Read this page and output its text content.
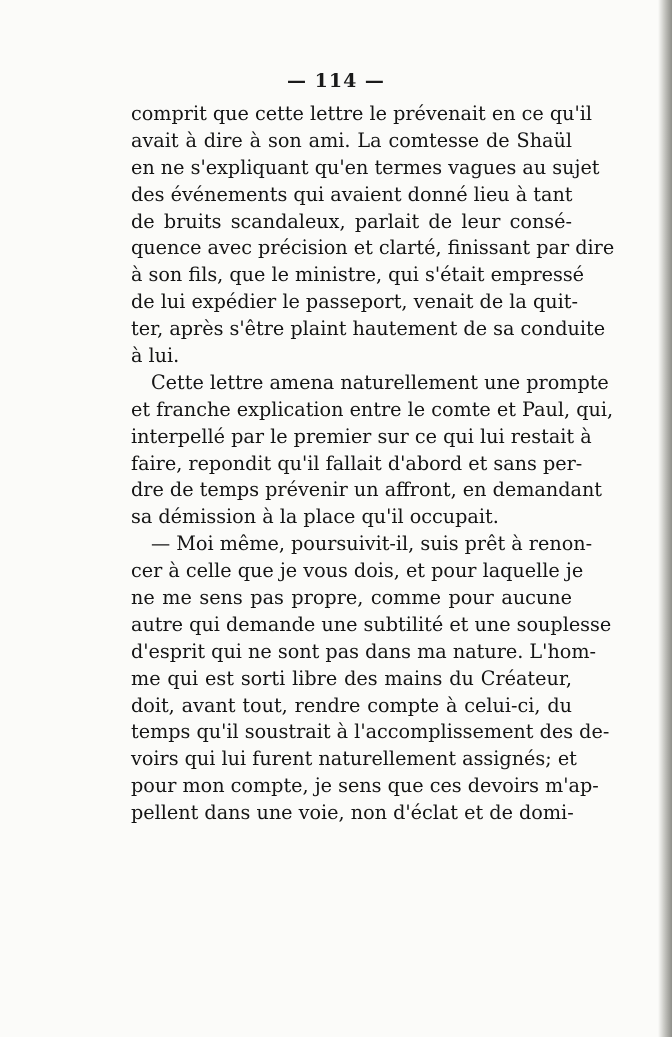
— 114 —
comprit que cette lettre le prévenait en ce qu'il
avait à dire à son ami. La comtesse de Shaül
en ne s'expliquant qu'en termes vagues au sujet
des événements qui avaient donné lieu à tant
de bruits scandaleux, parlait de leur consé-
quence avec précision et clarté, finissant par dire
à son fils, que le ministre, qui s'était empressé
de lui expédier le passeport, venait de la quit-
ter, après s'être plaint hautement de sa conduite
à lui.
Cette lettre amena naturellement une prompte
et franche explication entre le comte et Paul, qui,
interpellé par le premier sur ce qui lui restait à
faire, repondit qu'il fallait d'abord et sans per-
dre de temps prévenir un affront, en demandant
sa démission à la place qu'il occupait.
— Moi même, poursuivit-il, suis prêt à renon-
cer à celle que je vous dois, et pour laquelle je
ne me sens pas propre, comme pour aucune
autre qui demande une subtilité et une souplesse
d'esprit qui ne sont pas dans ma nature. L'hom-
me qui est sorti libre des mains du Créateur,
doit, avant tout, rendre compte à celui-ci, du
temps qu'il soustrait à l'accomplissement des de-
voirs qui lui furent naturellement assignés; et
pour mon compte, je sens que ces devoirs m'ap-
pellent dans une voie, non d'éclat et de domi-
